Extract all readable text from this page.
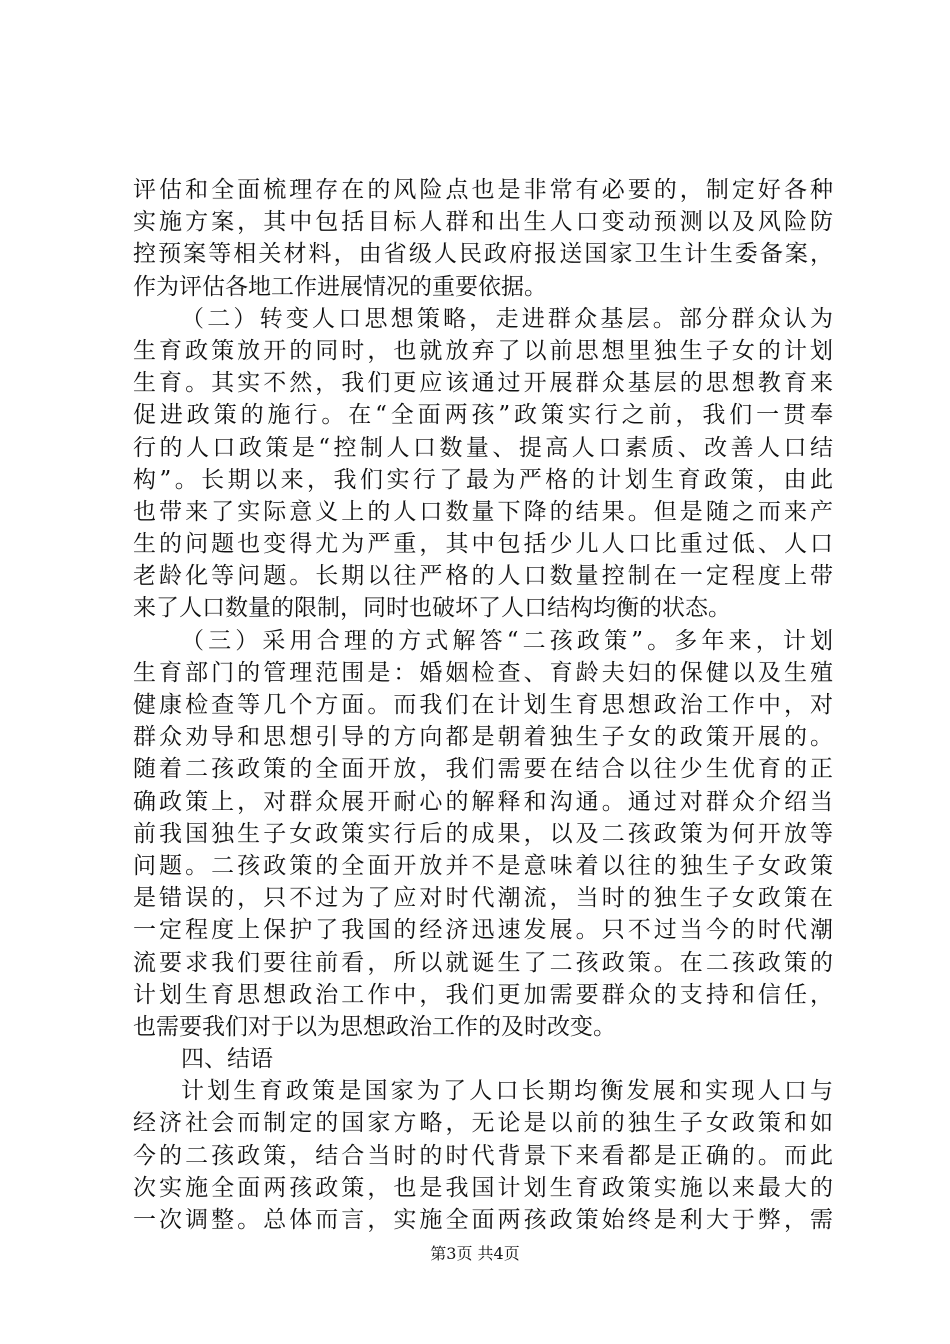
评估和全面梳理存在的风险点也是非常有必要的，制定好各种
实施方案，其中包括目标人群和出生人口变动预测以及风险防
控预案等相关材料，由省级人民政府报送国家卫生计生委备案，
作为评估各地工作进展情况的重要依据。
（二）转变人口思想策略，走进群众基层。部分群众认为
生育政策放开的同时，也就放弃了以前思想里独生子女的计划
生育。其实不然，我们更应该通过开展群众基层的思想教育来
促进政策的施行。在“全面两孩”政策实行之前，我们一贯奉
行的人口政策是“控制人口数量、提高人口素质、改善人口结
构”。长期以来，我们实行了最为严格的计划生育政策，由此
也带来了实际意义上的人口数量下降的结果。但是随之而来产
生的问题也变得尤为严重，其中包括少儿人口比重过低、人口
老龄化等问题。长期以往严格的人口数量控制在一定程度上带
来了人口数量的限制，同时也破坏了人口结构均衡的状态。
（三）采用合理的方式解答“二孩政策”。多年来，计划
生育部门的管理范围是：婚姻检查、育龄夫妇的保健以及生殖
健康检查等几个方面。而我们在计划生育思想政治工作中，对
群众劝导和思想引导的方向都是朝着独生子女的政策开展的。
随着二孩政策的全面开放，我们需要在结合以往少生优育的正
确政策上，对群众展开耐心的解释和沟通。通过对群众介绍当
前我国独生子女政策实行后的成果，以及二孩政策为何开放等
问题。二孩政策的全面开放并不是意味着以往的独生子女政策
是错误的，只不过为了应对时代潮流，当时的独生子女政策在
一定程度上保护了我国的经济迅速发展。只不过当今的时代潮
流要求我们要往前看，所以就诞生了二孩政策。在二孩政策的
计划生育思想政治工作中，我们更加需要群众的支持和信任，
也需要我们对于以为思想政治工作的及时改变。
四、结语
计划生育政策是国家为了人口长期均衡发展和实现人口与
经济社会而制定的国家方略，无论是以前的独生子女政策和如
今的二孩政策，结合当时的时代背景下来看都是正确的。而此
次实施全面两孩政策，也是我国计划生育政策实施以来最大的
一次调整。总体而言，实施全面两孩政策始终是利大于弊，需
第3页 共4页
